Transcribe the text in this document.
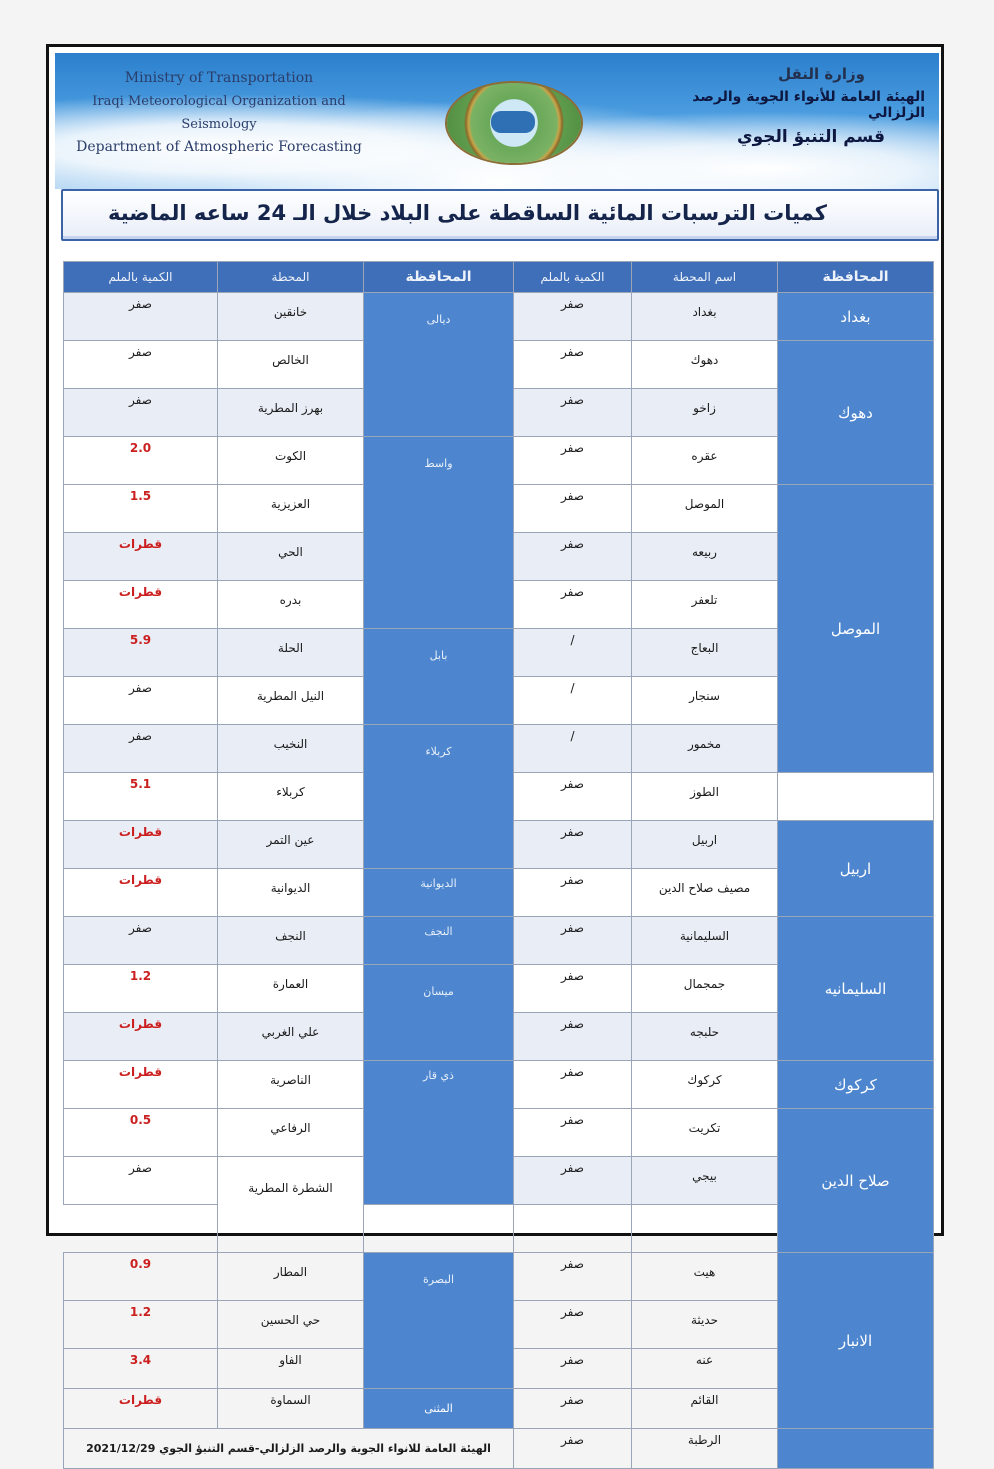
Ministry of Transportation
Iraqi Meteorological Organization and Seismology
Department of Atmospheric Forecasting
وزارة النقل
الهيئة العامة للأنواء الجوية والرصد الزلزالي
قسم التنبؤ الجوي
كميات الترسبات المائية الساقطة على البلاد خلال الـ 24 ساعه الماضية
المحافظة	اسم المحطة	الكمية بالملم	المحافظة	المحطة	الكمية بالملم
بغداد	بغداد	صفر	ديالى	خانقين	صفر
دهوك	دهوك	صفر		الخالص	صفر
	زاخو	صفر		بهرز المطرية	صفر
	عقره	صفر	واسط	الكوت	2.0
الموصل	الموصل	صفر		العزيزية	1.5
	ربيعه	صفر		الحي	قطرات
	تلعفر	صفر		بدره	قطرات
	البعاج	/	بابل	الحلة	5.9
	سنجار	/		النيل المطرية	صفر
	مخمور	/	كربلاء	النخيب	صفر
	الطوز	صفر		كربلاء	5.1
اربيل	اربيل	صفر		عين التمر	قطرات
	مصيف صلاح الدين	صفر	الديوانية	الديوانية	قطرات
السليمانيه	السليمانية	صفر	النجف	النجف	صفر
	جمجمال	صفر	ميسان	العمارة	1.2
	حلبجه	صفر		علي الغربي	قطرات
كركوك	كركوك	صفر	ذي قار	الناصرية	قطرات
صلاح الدين	تكريت	صفر		الرفاعي	0.5
	بيجي	صفر		الشطرة المطرية	صفر

الانبار	هيت	صفر	البصرة	المطار	0.9
	حديثة	صفر		حي الحسين	1.2
	عنه	صفر		الفاو	3.4
	القائم	صفر	المثنى	السماوة	قطرات
	الرطبة	صفر	الهيئة العامة للانواء الجوية والرصد الزلزالي-قسم التنبؤ الجوي 2021/12/29		
